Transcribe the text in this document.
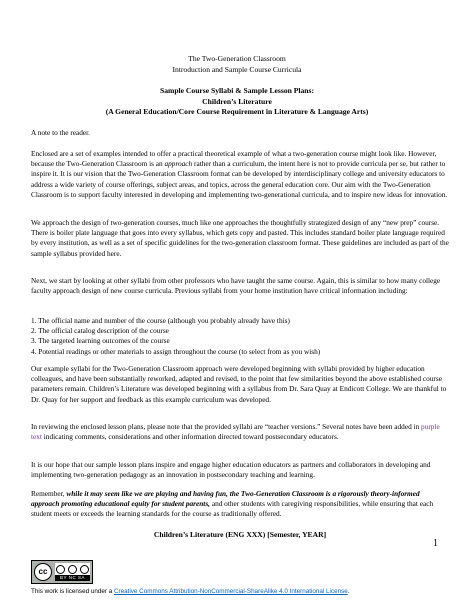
The Two-Generation Classroom
Introduction and Sample Course Curricula
Sample Course Syllabi & Sample Lesson Plans:
Children’s Literature
(A General Education/Core Course Requirement in Literature & Language Arts)
A note to the reader.
Enclosed are a set of examples intended to offer a practical theoretical example of what a two-generation course might look like. However, because the Two-Generation Classroom is an approach rather than a curriculum, the intent here is not to provide curricula per se, but rather to inspire it. It is our vision that the Two-Generation Classroom format can be developed by interdisciplinary college and university educators to address a wide variety of course offerings, subject areas, and topics, across the general education core. Our aim with the Two-Generation Classroom is to support faculty interested in developing and implementing two-generational curricula, and to inspire new ideas for innovation.
We approach the design of two-generation courses, much like one approaches the thoughtfully strategized design of any “new prep” course. There is boiler plate language that goes into every syllabus, which gets copy and pasted. This includes standard boiler plate language required by every institution, as well as a set of specific guidelines for the two-generation classroom format. These guidelines are included as part of the sample syllabus provided here.
Next, we start by looking at other syllabi from other professors who have taught the same course. Again, this is similar to how many college faculty approach design of new course curricula. Previous syllabi from your home institution have critical information including:
1. The official name and number of the course (although you probably already have this)
2. The official catalog description of the course
3. The targeted learning outcomes of the course
4. Potential readings or other materials to assign throughout the course (to select from as you wish)
Our example syllabi for the Two-Generation Classroom approach were developed beginning with syllabi provided by higher education colleagues, and have been substantially reworked, adapted and revised, to the point that few similarities beyond the above established course parameters remain. Children’s Literature was developed beginning with a syllabus from Dr. Sara Quay at Endicott College. We are thankful to Dr. Quay for her support and feedback as this example curriculum was developed.
In reviewing the enclosed lesson plans, please note that the provided syllabi are “teacher versions.” Several notes have been added in purple text indicating comments, considerations and other information directed toward postsecondary educators.
It is our hope that our sample lesson plans inspire and engage higher education educators as partners and collaborators in developing and implementing two-generation pedagogy as an innovation in postsecondary teaching and learning.
Remember, while it may seem like we are playing and having fun, the Two-Generation Classroom is a rigorously theory-informed approach promoting educational equity for student parents, and other students with caregiving responsibilities, while ensuring that each student meets or exceeds the learning standards for the course as traditionally offered.
Children’s Literature (ENG XXX) [Semester, YEAR]
1
cc
BY NC SA
This work is licensed under a Creative Commons Attribution-NonCommercial-ShareAlike 4.0 International License.
